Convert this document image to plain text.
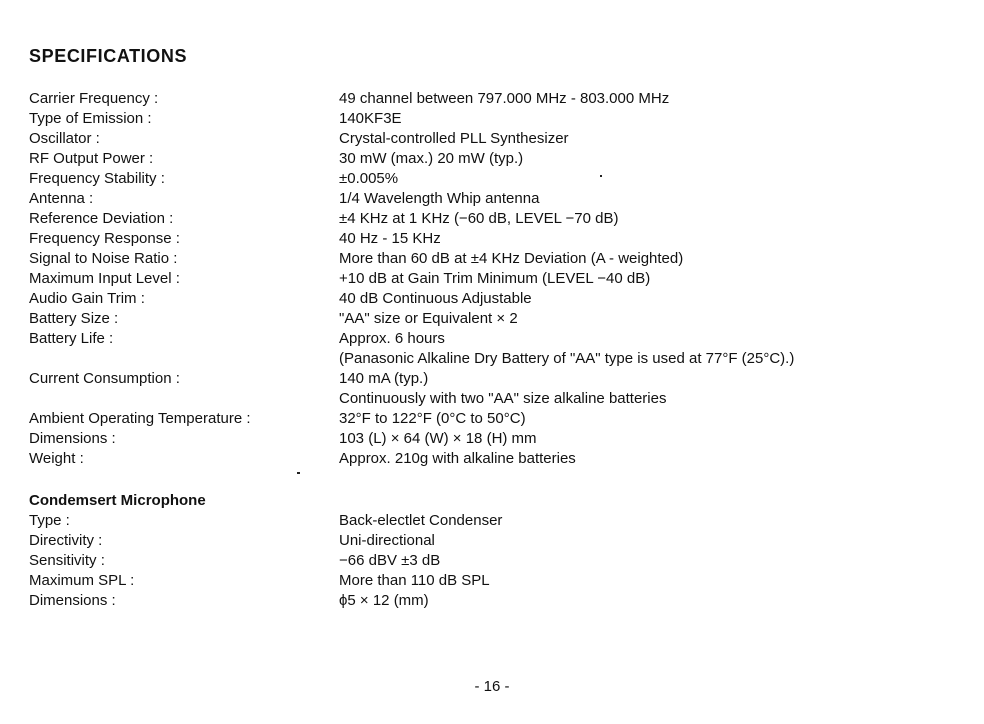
SPECIFICATIONS
Carrier Frequency :	49 channel between 797.000 MHz - 803.000 MHz
Type of Emission :	140KF3E
Oscillator :	Crystal-controlled PLL Synthesizer
RF Output Power :	30 mW (max.) 20 mW (typ.)
Frequency Stability :	±0.005%
Antenna :	1/4 Wavelength Whip antenna
Reference Deviation :	±4 KHz at 1 KHz (−60 dB, LEVEL −70 dB)
Frequency Response :	40 Hz - 15 KHz
Signal to Noise Ratio :	More than 60 dB at ±4 KHz Deviation (A - weighted)
Maximum Input Level :	+10 dB at Gain Trim Minimum (LEVEL −40 dB)
Audio Gain Trim :	40 dB Continuous Adjustable
Battery Size :	"AA" size or Equivalent × 2
Battery Life :	Approx. 6 hours
(Panasonic Alkaline Dry Battery of "AA" type is used at 77°F (25°C).)
Current Consumption :	140 mA (typ.)
Continuously with two "AA" size alkaline batteries
Ambient Operating Temperature :	32°F to 122°F (0°C to 50°C)
Dimensions :	103 (L) × 64 (W) × 18 (H) mm
Weight :	Approx. 210g with alkaline batteries
Condemsert Microphone
Type :	Back-electlet Condenser
Directivity :	Uni-directional
Sensitivity :	−66 dBV ±3 dB
Maximum SPL :	More than 110 dB SPL
Dimensions :	ϕ5 × 12 (mm)
- 16 -
